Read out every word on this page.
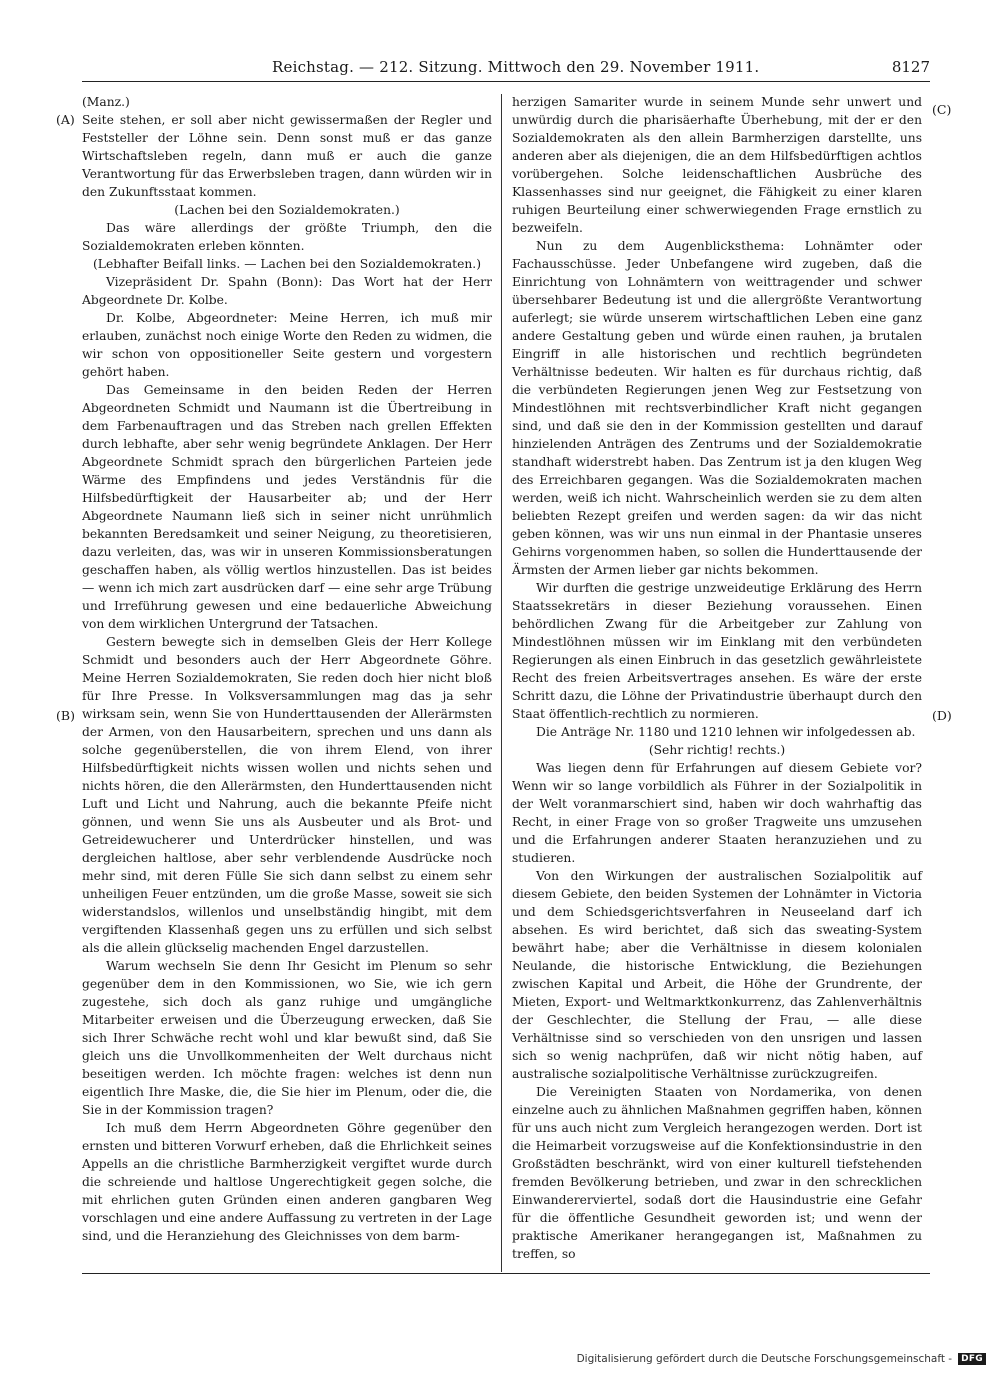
Reichstag. — 212. Sitzung. Mittwoch den 29. November 1911.	8127
(A)
(B)
(C)
(D)

(Manz.)

Seite stehen, er soll aber nicht gewissermaßen der Regler und Feststeller der Löhne sein. Denn sonst muß er das ganze Wirtschaftsleben regeln, dann muß er auch die ganze Verantwortung für das Erwerbsleben tragen, dann würden wir in den Zukunftsstaat kommen.

(Lachen bei den Sozialdemokraten.)

Das wäre allerdings der größte Triumph, den die Sozialdemokraten erleben könnten.

(Lebhafter Beifall links. — Lachen bei den Sozialdemokraten.)

Vizepräsident Dr. Spahn (Bonn): Das Wort hat der Herr Abgeordnete Dr. Kolbe.

Dr. Kolbe, Abgeordneter: Meine Herren, ich muß mir erlauben, zunächst noch einige Worte den Reden zu widmen, die wir schon von oppositioneller Seite gestern und vorgestern gehört haben.

Das Gemeinsame in den beiden Reden der Herren Abgeordneten Schmidt und Naumann ist die Übertreibung in dem Farbenauftragen und das Streben nach grellen Effekten durch lebhafte, aber sehr wenig begründete Anklagen. Der Herr Abgeordnete Schmidt sprach den bürgerlichen Parteien jede Wärme des Empfindens und jedes Verständnis für die Hilfsbedürftigkeit der Hausarbeiter ab; und der Herr Abgeordnete Naumann ließ sich in seiner nicht unrühmlich bekannten Beredsamkeit und seiner Neigung, zu theoretisieren, dazu verleiten, das, was wir in unseren Kommissionsberatungen geschaffen haben, als völlig wertlos hinzustellen. Das ist beides — wenn ich mich zart ausdrücken darf — eine sehr arge Trübung und Irreführung gewesen und eine bedauerliche Abweichung von dem wirklichen Untergrund der Tatsachen.

Gestern bewegte sich in demselben Gleis der Herr Kollege Schmidt und besonders auch der Herr Abgeordnete Göhre. Meine Herren Sozialdemokraten, Sie reden doch hier nicht bloß für Ihre Presse. In Volksversammlungen mag das ja sehr wirksam sein, wenn Sie von Hunderttausenden der Allerärmsten der Armen, von den Hausarbeitern, sprechen und uns dann als solche gegenüberstellen, die von ihrem Elend, von ihrer Hilfsbedürftigkeit nichts wissen wollen und nichts sehen und nichts hören, die den Allerärmsten, den Hunderttausenden nicht Luft und Licht und Nahrung, auch die bekannte Pfeife nicht gönnen, und wenn Sie uns als Ausbeuter und als Brot- und Getreidewucherer und Unterdrücker hinstellen, und was dergleichen haltlose, aber sehr verblendende Ausdrücke noch mehr sind, mit deren Fülle Sie sich dann selbst zu einem sehr unheiligen Feuer entzünden, um die große Masse, soweit sie sich widerstandslos, willenlos und unselbständig hingibt, mit dem vergiftenden Klassenhaß gegen uns zu erfüllen und sich selbst als die allein glückselig machenden Engel darzustellen.

Warum wechseln Sie denn Ihr Gesicht im Plenum so sehr gegenüber dem in den Kommissionen, wo Sie, wie ich gern zugestehe, sich doch als ganz ruhige und umgängliche Mitarbeiter erweisen und die Überzeugung erwecken, daß Sie sich Ihrer Schwäche recht wohl und klar bewußt sind, daß Sie gleich uns die Unvollkommenheiten der Welt durchaus nicht beseitigen werden. Ich möchte fragen: welches ist denn nun eigentlich Ihre Maske, die, die Sie hier im Plenum, oder die, die Sie in der Kommission tragen?

Ich muß dem Herrn Abgeordneten Göhre gegenüber den ernsten und bitteren Vorwurf erheben, daß die Ehrlichkeit seines Appells an die christliche Barmherzigkeit vergiftet wurde durch die schreiende und haltlose Ungerechtigkeit gegen solche, die mit ehrlichen guten Gründen einen anderen gangbaren Weg vorschlagen und eine andere Auffassung zu vertreten in der Lage sind, und die Heranziehung des Gleichnisses von dem barm-

herzigen Samariter wurde in seinem Munde sehr unwert und unwürdig durch die pharisäerhafte Überhebung, mit der er den Sozialdemokraten als den allein Barmherzigen darstellte, uns anderen aber als diejenigen, die an dem Hilfsbedürftigen achtlos vorübergehen. Solche leidenschaftlichen Ausbrüche des Klassenhasses sind nur geeignet, die Fähigkeit zu einer klaren ruhigen Beurteilung einer schwerwiegenden Frage ernstlich zu bezweifeln.

Nun zu dem Augenblicksthema: Lohnämter oder Fachausschüsse. Jeder Unbefangene wird zugeben, daß die Einrichtung von Lohnämtern von weittragender und schwer übersehbarer Bedeutung ist und die allergrößte Verantwortung auferlegt; sie würde unserem wirtschaftlichen Leben eine ganz andere Gestaltung geben und würde einen rauhen, ja brutalen Eingriff in alle historischen und rechtlich begründeten Verhältnisse bedeuten. Wir halten es für durchaus richtig, daß die verbündeten Regierungen jenen Weg zur Festsetzung von Mindestlöhnen mit rechtsverbindlicher Kraft nicht gegangen sind, und daß sie den in der Kommission gestellten und darauf hinzielenden Anträgen des Zentrums und der Sozialdemokratie standhaft widerstrebt haben. Das Zentrum ist ja den klugen Weg des Erreichbaren gegangen. Was die Sozialdemokraten machen werden, weiß ich nicht. Wahrscheinlich werden sie zu dem alten beliebten Rezept greifen und werden sagen: da wir das nicht geben können, was wir uns nun einmal in der Phantasie unseres Gehirns vorgenommen haben, so sollen die Hunderttausende der Ärmsten der Armen lieber gar nichts bekommen.

Wir durften die gestrige unzweideutige Erklärung des Herrn Staatssekretärs in dieser Beziehung voraussehen. Einen behördlichen Zwang für die Arbeitgeber zur Zahlung von Mindestlöhnen müssen wir im Einklang mit den verbündeten Regierungen als einen Einbruch in das gesetzlich gewährleistete Recht des freien Arbeitsvertrages ansehen. Es wäre der erste Schritt dazu, die Löhne der Privatindustrie überhaupt durch den Staat öffentlich-rechtlich zu normieren.

Die Anträge Nr. 1180 und 1210 lehnen wir infolgedessen ab.

(Sehr richtig! rechts.)

Was liegen denn für Erfahrungen auf diesem Gebiete vor? Wenn wir so lange vorbildlich als Führer in der Sozialpolitik in der Welt voranmarschiert sind, haben wir doch wahrhaftig das Recht, in einer Frage von so großer Tragweite uns umzusehen und die Erfahrungen anderer Staaten heranzuziehen und zu studieren.

Von den Wirkungen der australischen Sozialpolitik auf diesem Gebiete, den beiden Systemen der Lohnämter in Victoria und dem Schiedsgerichtsverfahren in Neuseeland darf ich absehen. Es wird berichtet, daß sich das sweating-System bewährt habe; aber die Verhältnisse in diesem kolonialen Neulande, die historische Entwicklung, die Beziehungen zwischen Kapital und Arbeit, die Höhe der Grundrente, der Mieten, Export- und Weltmarktkonkurrenz, das Zahlenverhältnis der Geschlechter, die Stellung der Frau, — alle diese Verhältnisse sind so verschieden von den unsrigen und lassen sich so wenig nachprüfen, daß wir nicht nötig haben, auf australische sozialpolitische Verhältnisse zurückzugreifen.

Die Vereinigten Staaten von Nordamerika, von denen einzelne auch zu ähnlichen Maßnahmen gegriffen haben, können für uns auch nicht zum Vergleich herangezogen werden. Dort ist die Heimarbeit vorzugsweise auf die Konfektionsindustrie in den Großstädten beschränkt, wird von einer kulturell tiefstehenden fremden Bevölkerung betrieben, und zwar in den schrecklichen Einwandererviertel, sodaß dort die Hausindustrie eine Gefahr für die öffentliche Gesundheit geworden ist; und wenn der praktische Amerikaner herangegangen ist, Maßnahmen zu treffen, so

Digitalisierung gefördert durch die Deutsche Forschungsgemeinschaft -	DFG
